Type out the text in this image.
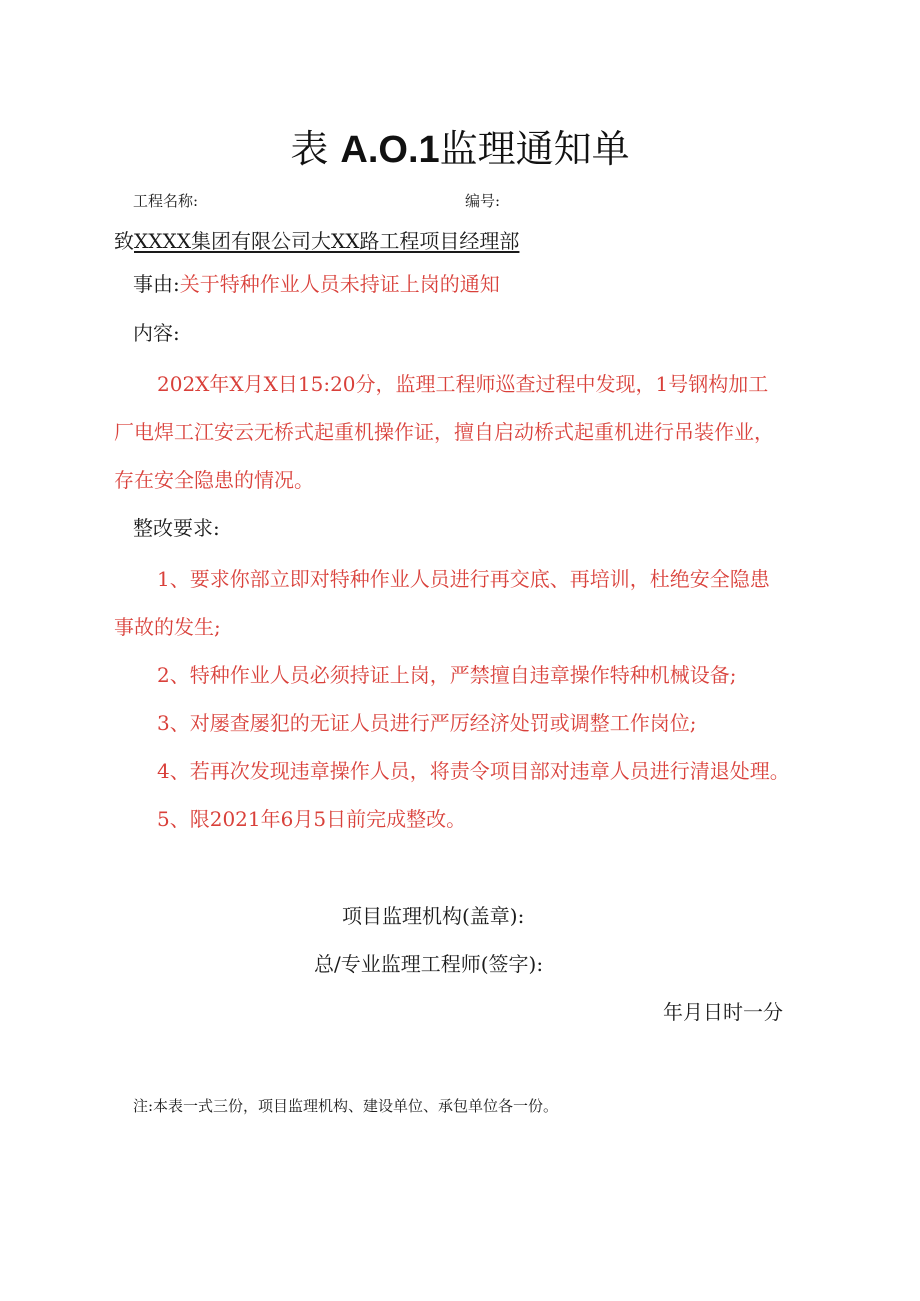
表 A.O.1监理通知单
工程名称:	编号:
致XXXX集团有限公司大XX路工程项目经理部
事由:关于特种作业人员未持证上岗的通知
内容:
202X年X月X日15:20分，监理工程师巡查过程中发现，1号钢构加工
厂电焊工江安云无桥式起重机操作证，擅自启动桥式起重机进行吊装作业，
存在安全隐患的情况。
整改要求:
1、要求你部立即对特种作业人员进行再交底、再培训，杜绝安全隐患
事故的发生;
2、特种作业人员必须持证上岗，严禁擅自违章操作特种机械设备;
3、对屡查屡犯的无证人员进行严厉经济处罚或调整工作岗位;
4、若再次发现违章操作人员，将责令项目部对违章人员进行清退处理。
5、限2021年6月5日前完成整改。
项目监理机构(盖章):
总/专业监理工程师(签字):
年月日时一分
注:本表一式三份，项目监理机构、建设单位、承包单位各一份。
